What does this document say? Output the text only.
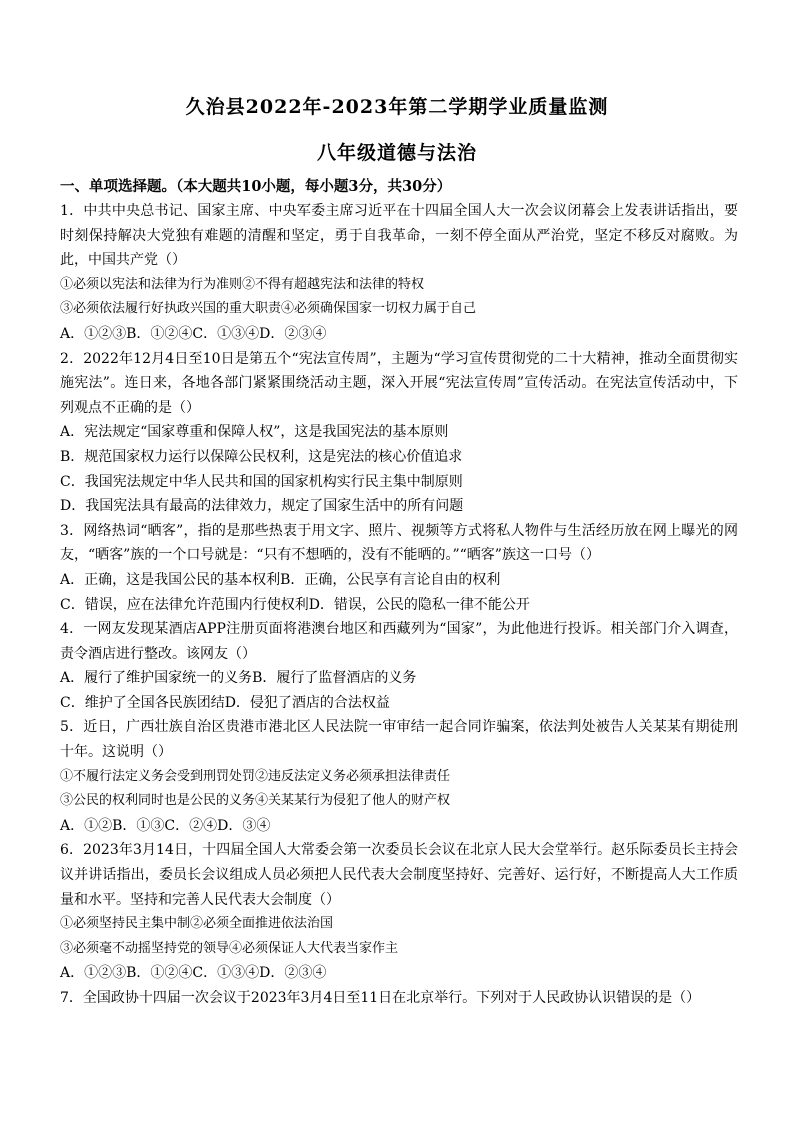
久治县2022年-2023年第二学期学业质量监测
八年级道德与法治
一、单项选择题。（本大题共10小题，每小题3分，共30分）

1．中共中央总书记、国家主席、中央军委主席习近平在十四届全国人大一次会议闭幕会上发表讲话指出，要时刻保持解决大党独有难题的清醒和坚定，勇于自我革命，一刻不停全面从严治党，坚定不移反对腐败。为此，中国共产党（）

①必须以宪法和法律为行为准则②不得有超越宪法和法律的特权

③必须依法履行好执政兴国的重大职责④必须确保国家一切权力属于自己

A．①②③B．①②④C．①③④D．②③④

2．2022年12月4日至10日是第五个“宪法宣传周”，主题为“学习宣传贯彻党的二十大精神，推动全面贯彻实施宪法”。连日来，各地各部门紧紧围绕活动主题，深入开展“宪法宣传周”宣传活动。在宪法宣传活动中，下列观点不正确的是（）

A．宪法规定“国家尊重和保障人权”，这是我国宪法的基本原则

B．规范国家权力运行以保障公民权利，这是宪法的核心价值追求

C．我国宪法规定中华人民共和国的国家机构实行民主集中制原则

D．我国宪法具有最高的法律效力，规定了国家生活中的所有问题

3．网络热词“晒客”，指的是那些热衷于用文字、照片、视频等方式将私人物件与生活经历放在网上曝光的网友，“晒客”族的一个口号就是：“只有不想晒的，没有不能晒的。”“晒客”族这一口号（）

A．正确，这是我国公民的基本权利B．正确，公民享有言论自由的权利

C．错误，应在法律允许范围内行使权利D．错误，公民的隐私一律不能公开

4．一网友发现某酒店APP注册页面将港澳台地区和西藏列为“国家”，为此他进行投诉。相关部门介入调查，责令酒店进行整改。该网友（）

A．履行了维护国家统一的义务B．履行了监督酒店的义务

C．维护了全国各民族团结D．侵犯了酒店的合法权益

5．近日，广西壮族自治区贵港市港北区人民法院一审审结一起合同诈骗案，依法判处被告人关某某有期徒刑十年。这说明（）

①不履行法定义务会受到刑罚处罚②违反法定义务必须承担法律责任

③公民的权利同时也是公民的义务④关某某行为侵犯了他人的财产权

A．①②B．①③C．②④D．③④

6．2023年3月14日，十四届全国人大常委会第一次委员长会议在北京人民大会堂举行。赵乐际委员长主持会议并讲话指出，委员长会议组成人员必须把人民代表大会制度坚持好、完善好、运行好，不断提高人大工作质量和水平。坚持和完善人民代表大会制度（）

①必须坚持民主集中制②必须全面推进依法治国

③必须毫不动摇坚持党的领导④必须保证人大代表当家作主

A．①②③B．①②④C．①③④D．②③④

7．全国政协十四届一次会议于2023年3月4日至11日在北京举行。下列对于人民政协认识错误的是（）
